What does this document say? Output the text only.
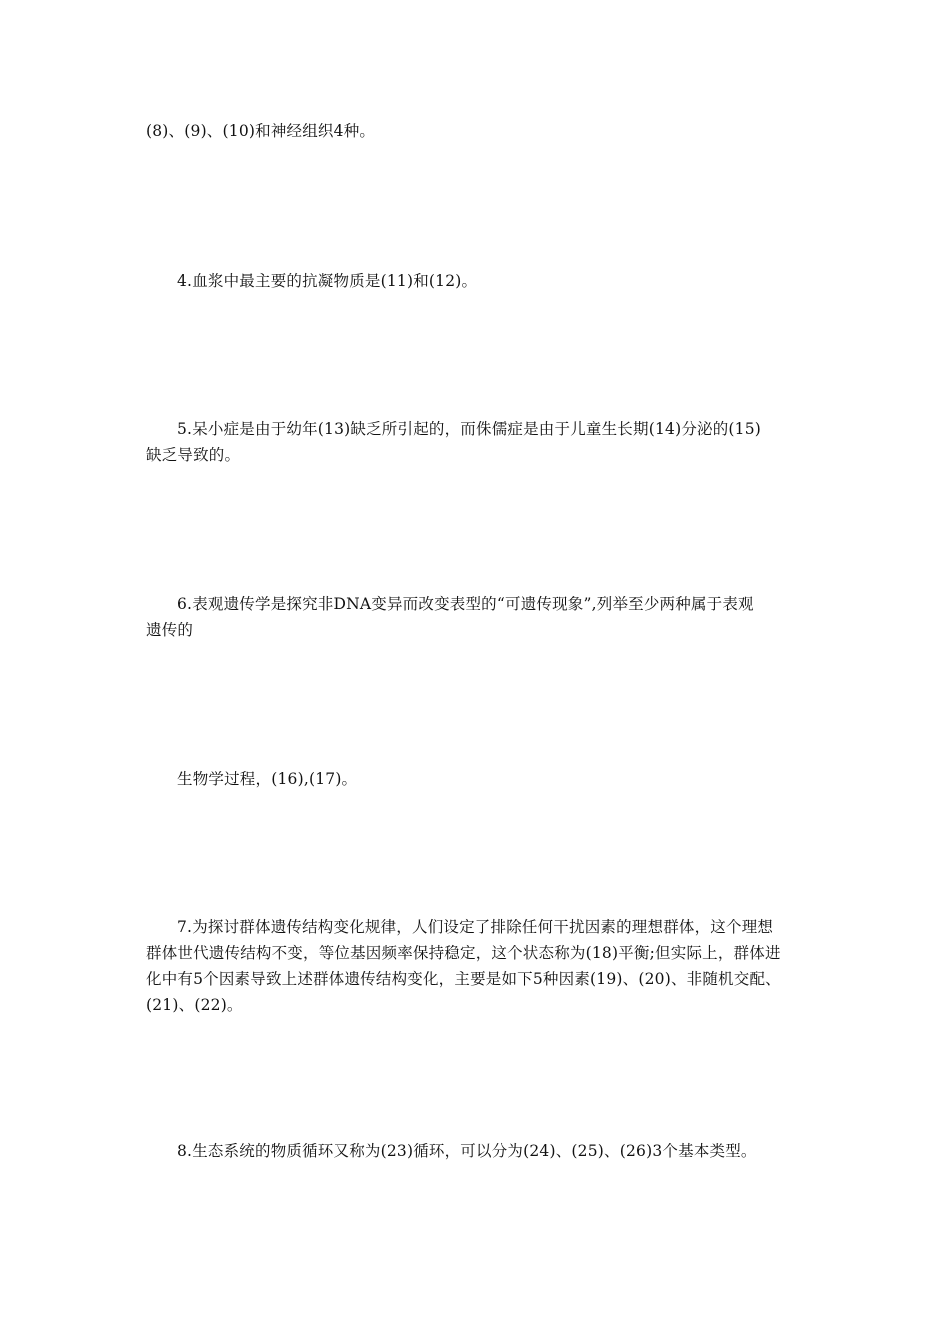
(8)、(9)、(10)和神经组织4种。
4.血浆中最主要的抗凝物质是(11)和(12)。
5.呆小症是由于幼年(13)缺乏所引起的，而侏儒症是由于儿童生长期(14)分泌的(15)
缺乏导致的。
6.表观遗传学是探究非DNA变异而改变表型的“可遗传现象”,列举至少两种属于表观
遗传的
生物学过程，(16),(17)。
7.为探讨群体遗传结构变化规律，人们设定了排除任何干扰因素的理想群体，这个理想
群体世代遗传结构不变，等位基因频率保持稳定，这个状态称为(18)平衡;但实际上，群体进
化中有5个因素导致上述群体遗传结构变化，主要是如下5种因素(19)、(20)、非随机交配、
(21)、(22)。
8.生态系统的物质循环又称为(23)循环，可以分为(24)、(25)、(26)3个基本类型。
